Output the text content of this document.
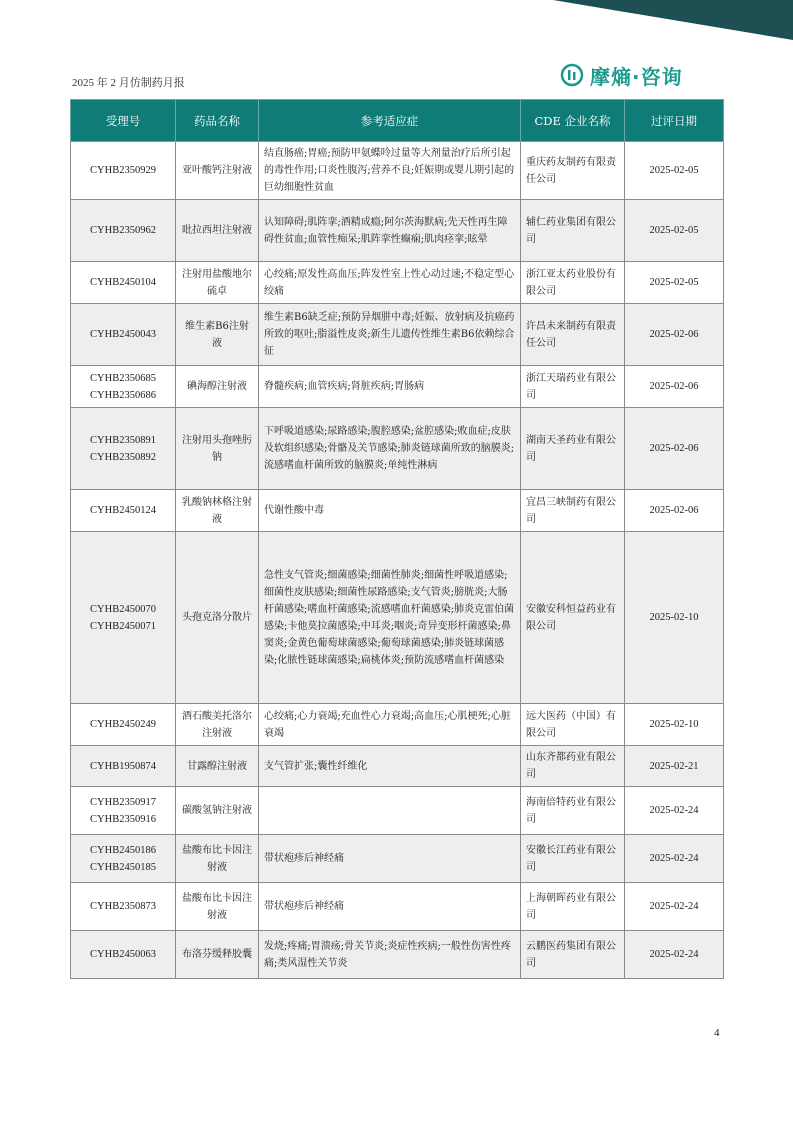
2025 年 2 月仿制药月报	摩熵·咨询
受理号	药品名称	参考适应症	CDE 企业名称	过评日期

CYHB2350929	亚叶酸钙注射液	结直肠癌;胃癌;预防甲氨蝶呤过量等大剂量治疗后所引起的毒性作用;口炎性腹泻;营养不良;妊娠期或婴儿期引起的巨幼细胞性贫血	重庆药友制药有限责任公司	2025-02-05

CYHB2350962	吡拉西坦注射液	认知障碍;肌阵挛;酒精成瘾;阿尔茨海默病;先天性再生障碍性贫血;血管性痴呆;肌阵挛性癫痫;肌肉痉挛;眩晕	辅仁药业集团有限公司	2025-02-05

CYHB2450104	注射用盐酸地尔硫卓	心绞痛;原发性高血压;阵发性室上性心动过速;不稳定型心绞痛	浙江亚太药业股份有限公司	2025-02-05

CYHB2450043	维生素B6注射液	维生素B6缺乏症;预防异烟肼中毒;妊娠、放射病及抗癌药所致的呕吐;脂溢性皮炎;新生儿遗传性维生素B6依赖综合征	许昌未来制药有限责任公司	2025-02-06

CYHB2350685
CYHB2350686	碘海醇注射液	脊髓疾病;血管疾病;肾脏疾病;胃肠病	浙江天瑞药业有限公司	2025-02-06

CYHB2350891
CYHB2350892	注射用头孢唑肟钠	下呼吸道感染;尿路感染;腹腔感染;盆腔感染;败血症;皮肤及软组织感染;骨骼及关节感染;肺炎链球菌所致的脑膜炎;流感嗜血杆菌所致的脑膜炎;单纯性淋病	湖南天圣药业有限公司	2025-02-06

CYHB2450124	乳酸钠林格注射液	代谢性酸中毒	宜昌三峡制药有限公司	2025-02-06

CYHB2450070
CYHB2450071	头孢克洛分散片	急性支气管炎;细菌感染;细菌性肺炎;细菌性呼吸道感染;细菌性皮肤感染;细菌性尿路感染;支气管炎;膀胱炎;大肠杆菌感染;嗜血杆菌感染;流感嗜血杆菌感染;肺炎克雷伯菌感染;卡他莫拉菌感染;中耳炎;咽炎;奇异变形杆菌感染;鼻窦炎;金黄色葡萄球菌感染;葡萄球菌感染;肺炎链球菌感染;化脓性链球菌感染;扁桃体炎;预防流感嗜血杆菌感染	安徽安科恒益药业有限公司	2025-02-10

CYHB2450249	酒石酸美托洛尔注射液	心绞痛;心力衰竭;充血性心力衰竭;高血压;心肌梗死;心脏衰竭	远大医药（中国）有限公司	2025-02-10

CYHB1950874	甘露醇注射液	支气管扩张;囊性纤维化	山东齐都药业有限公司	2025-02-21

CYHB2350917
CYHB2350916	碳酸氢钠注射液		海南倍特药业有限公司	2025-02-24

CYHB2450186
CYHB2450185	盐酸布比卡因注射液	带状疱疹后神经痛	安徽长江药业有限公司	2025-02-24

CYHB2350873	盐酸布比卡因注射液	带状疱疹后神经痛	上海朝晖药业有限公司	2025-02-24

CYHB2450063	布洛芬缓释胶囊	发烧;疼痛;胃溃疡;骨关节炎;炎症性疾病;一般性伤害性疼痛;类风湿性关节炎	云鹏医药集团有限公司	2025-02-24
4
